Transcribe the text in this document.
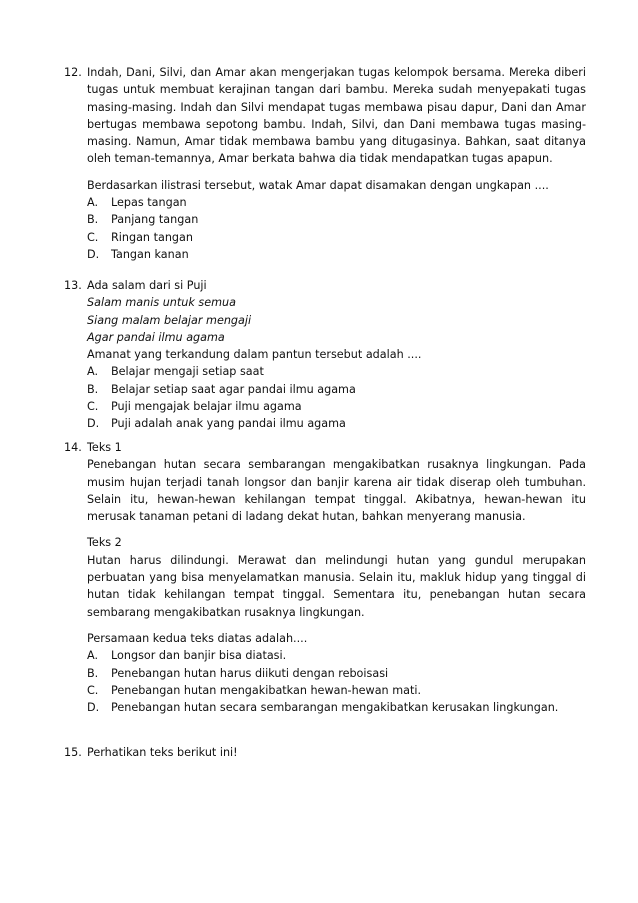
12. Indah, Dani, Silvi, dan Amar akan mengerjakan tugas kelompok bersama. Mereka diberi tugas untuk membuat kerajinan tangan dari bambu. Mereka sudah menyepakati tugas masing-masing. Indah dan Silvi mendapat tugas membawa pisau dapur, Dani dan Amar bertugas membawa sepotong bambu. Indah, Silvi, dan Dani membawa tugas masing-masing. Namun, Amar tidak membawa bambu yang ditugasinya. Bahkan, saat ditanya oleh teman-temannya, Amar berkata bahwa dia tidak mendapatkan tugas apapun.
Berdasarkan ilistrasi tersebut, watak Amar dapat disamakan dengan ungkapan ....
A. Lepas tangan
B. Panjang tangan
C. Ringan tangan
D. Tangan kanan
13. Ada salam dari si Puji
Salam manis untuk semua
Siang malam belajar mengaji
Agar pandai ilmu agama
Amanat yang terkandung dalam pantun tersebut adalah ....
A. Belajar mengaji setiap saat
B. Belajar setiap saat agar pandai ilmu agama
C. Puji mengajak belajar ilmu agama
D. Puji adalah anak yang pandai ilmu agama
14. Teks 1
Penebangan hutan secara sembarangan mengakibatkan rusaknya lingkungan. Pada musim hujan terjadi tanah longsor dan banjir karena air tidak diserap oleh tumbuhan. Selain itu, hewan-hewan kehilangan tempat tinggal. Akibatnya, hewan-hewan itu merusak tanaman petani di ladang dekat hutan, bahkan menyerang manusia.
Teks 2
Hutan harus dilindungi. Merawat dan melindungi hutan yang gundul merupakan perbuatan yang bisa menyelamatkan manusia. Selain itu, makluk hidup yang tinggal di hutan tidak kehilangan tempat tinggal. Sementara itu, penebangan hutan secara sembarang mengakibatkan rusaknya lingkungan.
Persamaan kedua teks diatas adalah....
A. Longsor dan banjir bisa diatasi.
B. Penebangan hutan harus diikuti dengan reboisasi
C. Penebangan hutan mengakibatkan hewan-hewan mati.
D. Penebangan hutan secara sembarangan mengakibatkan kerusakan lingkungan.
15. Perhatikan teks berikut ini!
